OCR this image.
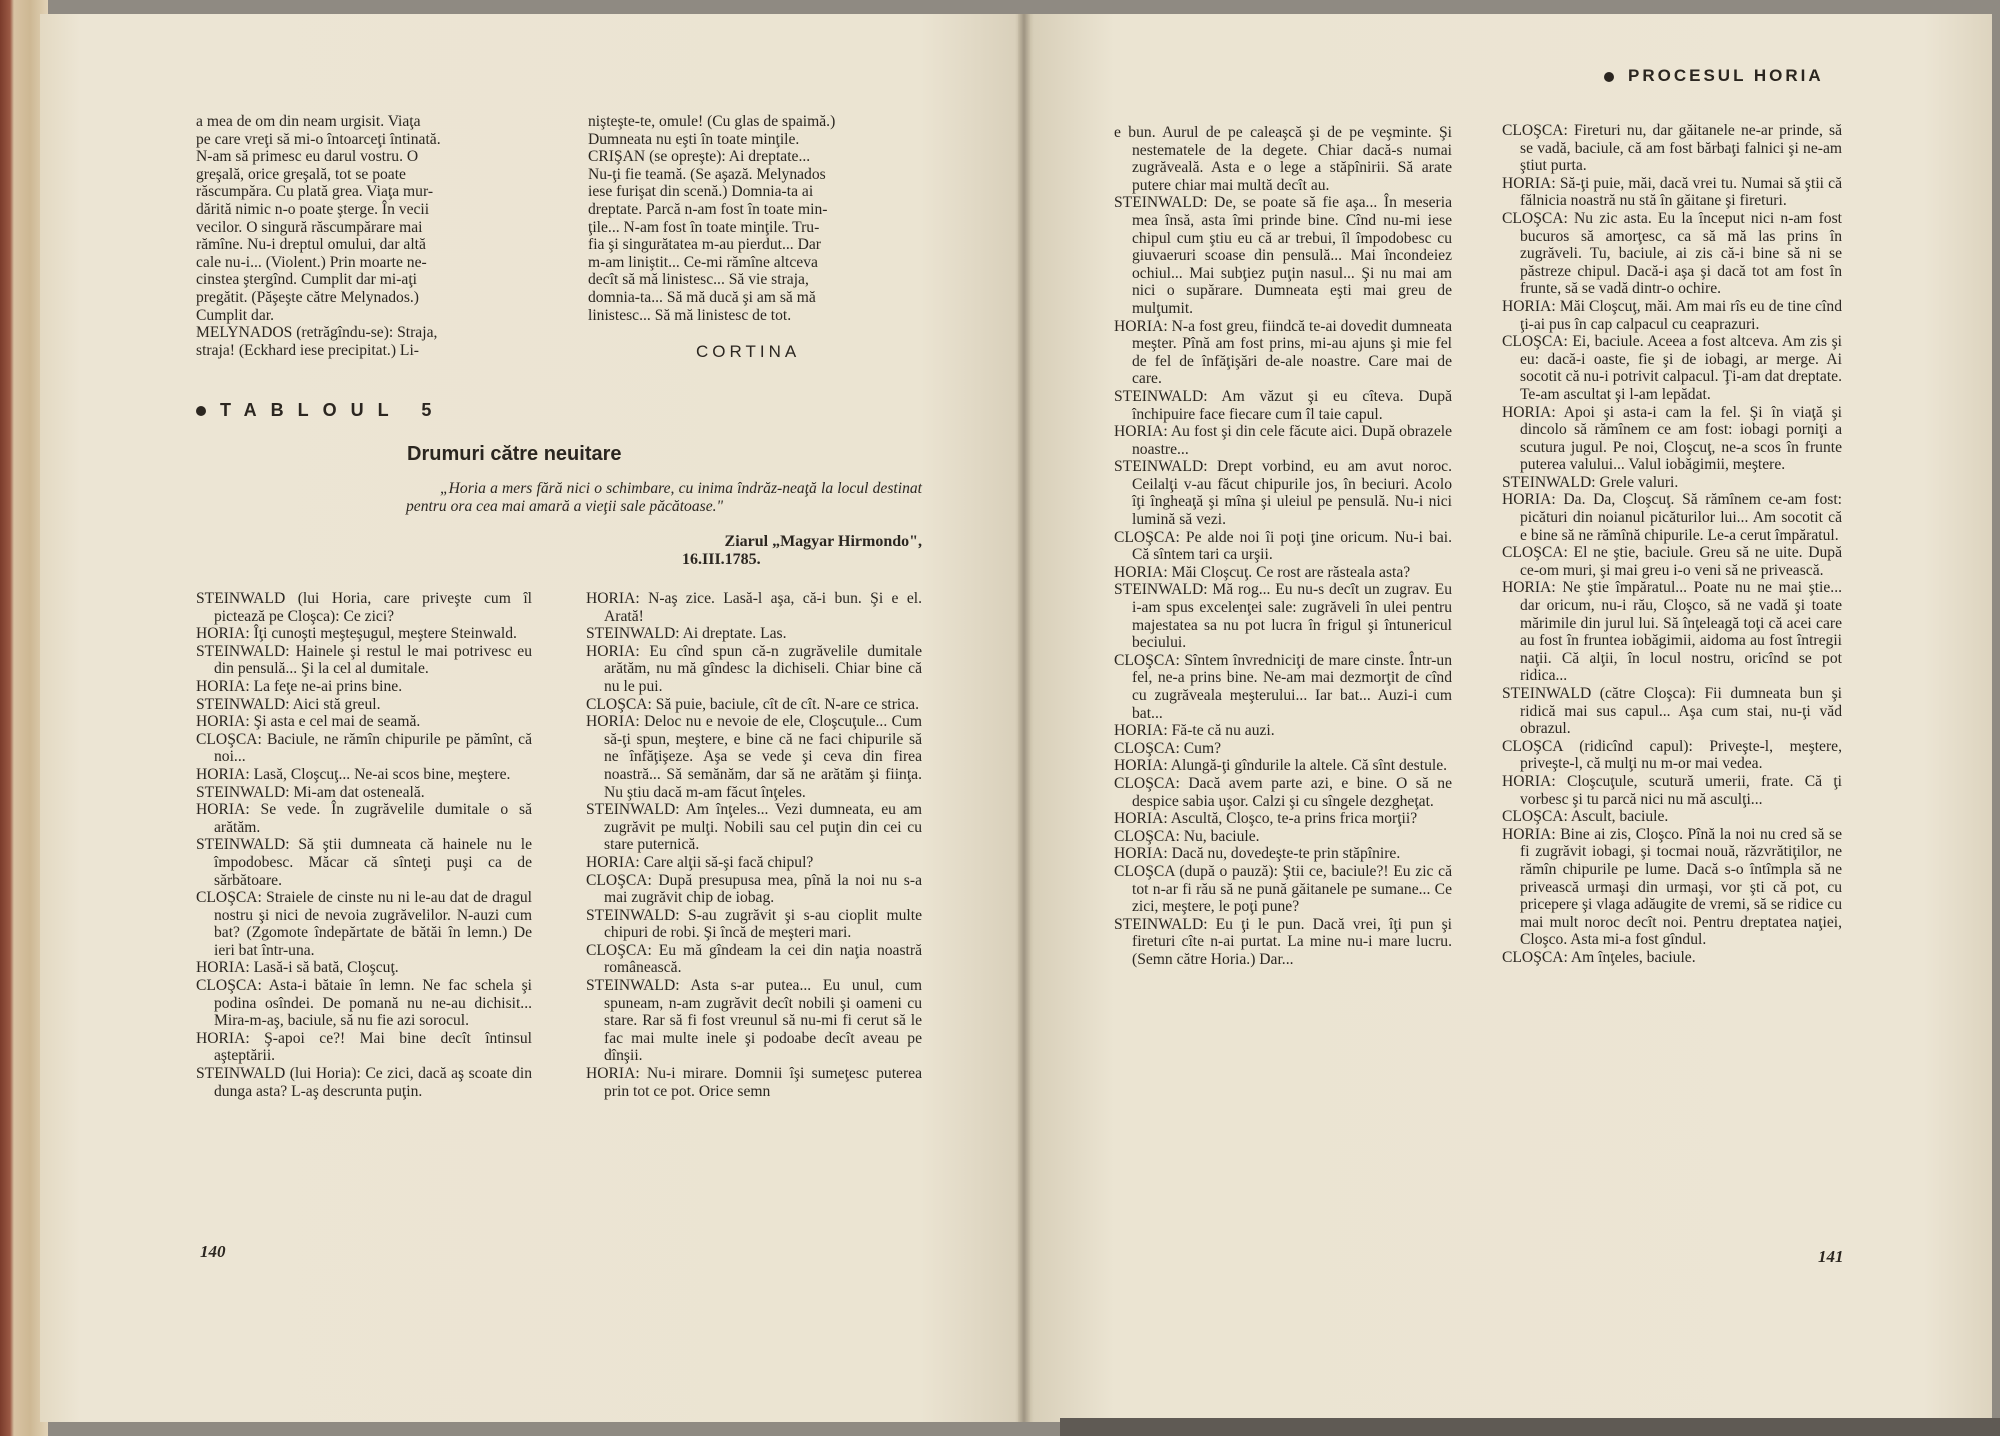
a mea de om din neam urgisit. Viaţa

pe care vreţi să mi-o întoarceţi întinată.

N-am să primesc eu darul vostru. O

greşală, orice greşală, tot se poate

răscumpăra. Cu plată grea. Viaţa mur-

dărită nimic n-o poate şterge. În vecii

vecilor. O singură răscumpărare mai

rămîne. Nu-i dreptul omului, dar altă

cale nu-i... (Violent.) Prin moarte ne-

cinstea ştergînd. Cumplit dar mi-aţi

pregătit. (Păşeşte către Melynados.)

Cumplit dar.

MELYNADOS (retrăgîndu-se): Straja,

straja! (Eckhard iese precipitat.) Li-

nişteşte-te, omule! (Cu glas de spaimă.)

Dumneata nu eşti în toate minţile.

CRIŞAN (se opreşte): Ai dreptate...

Nu-ţi fie teamă. (Se aşază. Melynados

iese furişat din scenă.) Domnia-ta ai

dreptate. Parcă n-am fost în toate min-

ţile... N-am fost în toate minţile. Tru-

fia şi singurătatea m-au pierdut... Dar

m-am liniştit... Ce-mi rămîne altceva

decît să mă linistesc... Să vie straja,

domnia-ta... Să mă ducă şi am să mă

linistesc... Să mă linistesc de tot.

CORTINA
TABLOUL 5
Drumuri către neuitare
„Horia a mers fără nici o schimbare, cu inima îndrăz-neaţă la locul destinat pentru ora cea mai amară a vieţii sale păcătoase."
Ziarul „Magyar Hirmondo",
16.III.1785.

STEINWALD (lui Horia, care priveşte cum îl pictează pe Cloşca): Ce zici?

HORIA: Îţi cunoşti meşteşugul, meştere Steinwald.

STEINWALD: Hainele şi restul le mai potrivesc eu din pensulă... Şi la cel al dumitale.

HORIA: La feţe ne-ai prins bine.

STEINWALD: Aici stă greul.

HORIA: Şi asta e cel mai de seamă.

CLOŞCA: Baciule, ne rămîn chipurile pe pămînt, că noi...

HORIA: Lasă, Cloşcuţ... Ne-ai scos bine, meştere.

STEINWALD: Mi-am dat osteneală.

HORIA: Se vede. În zugrăvelile dumitale o să arătăm.

STEINWALD: Să ştii dumneata că hainele nu le împodobesc. Măcar că sînteţi puşi ca de sărbătoare.

CLOŞCA: Straiele de cinste nu ni le-au dat de dragul nostru şi nici de nevoia zugrăvelilor. N-auzi cum bat? (Zgomote îndepărtate de bătăi în lemn.) De ieri bat într-una.

HORIA: Lasă-i să bată, Cloşcuţ.

CLOŞCA: Asta-i bătaie în lemn. Ne fac schela şi podina osîndei. De pomană nu ne-au dichisit... Mira-m-aş, baciule, să nu fie azi sorocul.

HORIA: Ş-apoi ce?! Mai bine decît întinsul aşteptării.

STEINWALD (lui Horia): Ce zici, dacă aş scoate din dunga asta? L-aş descrunta puţin.

HORIA: N-aş zice. Lasă-l aşa, că-i bun. Şi e el. Arată!

STEINWALD: Ai dreptate. Las.

HORIA: Eu cînd spun că-n zugrăvelile dumitale arătăm, nu mă gîndesc la dichiseli. Chiar bine că nu le pui.

CLOŞCA: Să puie, baciule, cît de cît. N-are ce strica.

HORIA: Deloc nu e nevoie de ele, Cloşcuţule... Cum să-ţi spun, meştere, e bine că ne faci chipurile să ne înfăţişeze. Aşa se vede şi ceva din firea noastră... Să semănăm, dar să ne arătăm şi fiinţa. Nu ştiu dacă m-am făcut înţeles.

STEINWALD: Am înţeles... Vezi dumneata, eu am zugrăvit pe mulţi. Nobili sau cel puţin din cei cu stare puternică.

HORIA: Care alţii să-şi facă chipul?

CLOŞCA: După presupusa mea, pînă la noi nu s-a mai zugrăvit chip de iobag.

STEINWALD: S-au zugrăvit şi s-au cioplit multe chipuri de robi. Şi încă de meşteri mari.

CLOŞCA: Eu mă gîndeam la cei din naţia noastră românească.

STEINWALD: Asta s-ar putea... Eu unul, cum spuneam, n-am zugrăvit decît nobili şi oameni cu stare. Rar să fi fost vreunul să nu-mi fi cerut să le fac mai multe inele şi podoabe decît aveau pe dînşii.

HORIA: Nu-i mirare. Domnii îşi sumeţesc puterea prin tot ce pot. Orice semn

140
PROCESUL HORIA

e bun. Aurul de pe caleaşcă şi de pe veşminte. Şi nestematele de la degete. Chiar dacă-s numai zugrăveală. Asta e o lege a stăpînirii. Să arate putere chiar mai multă decît au.

STEINWALD: De, se poate să fie aşa... În meseria mea însă, asta îmi prinde bine. Cînd nu-mi iese chipul cum ştiu eu că ar trebui, îl împodobesc cu giuvaeruri scoase din pensulă... Mai încondeiez ochiul... Mai subţiez puţin nasul... Şi nu mai am nici o supărare. Dumneata eşti mai greu de mulţumit.

HORIA: N-a fost greu, fiindcă te-ai dovedit dumneata meşter. Pînă am fost prins, mi-au ajuns şi mie fel de fel de înfăţişări de-ale noastre. Care mai de care.

STEINWALD: Am văzut şi eu cîteva. După închipuire face fiecare cum îl taie capul.

HORIA: Au fost şi din cele făcute aici. După obrazele noastre...

STEINWALD: Drept vorbind, eu am avut noroc. Ceilalţi v-au făcut chipurile jos, în beciuri. Acolo îţi îngheaţă şi mîna şi uleiul pe pensulă. Nu-i nici lumină să vezi.

CLOŞCA: Pe alde noi îi poţi ţine oricum. Nu-i bai. Că sîntem tari ca urşii.

HORIA: Măi Cloşcuţ. Ce rost are răsteala asta?

STEINWALD: Mă rog... Eu nu-s decît un zugrav. Eu i-am spus excelenţei sale: zugrăveli în ulei pentru majestatea sa nu pot lucra în frigul şi întunericul beciului.

CLOŞCA: Sîntem învredniciţi de mare cinste. Într-un fel, ne-a prins bine. Ne-am mai dezmorţit de cînd cu zugrăveala meşterului... Iar bat... Auzi-i cum bat...

HORIA: Fă-te că nu auzi.

CLOŞCA: Cum?

HORIA: Alungă-ţi gîndurile la altele. Că sînt destule.

CLOŞCA: Dacă avem parte azi, e bine. O să ne despice sabia uşor. Calzi şi cu sîngele dezgheţat.

HORIA: Ascultă, Cloşco, te-a prins frica morţii?

CLOŞCA: Nu, baciule.

HORIA: Dacă nu, dovedeşte-te prin stăpînire.

CLOŞCA (după o pauză): Ştii ce, baciule?! Eu zic că tot n-ar fi rău să ne pună găitanele pe sumane... Ce zici, meştere, le poţi pune?

STEINWALD: Eu ţi le pun. Dacă vrei, îţi pun şi fireturi cîte n-ai purtat. La mine nu-i mare lucru. (Semn către Horia.) Dar...

CLOŞCA: Fireturi nu, dar găitanele ne-ar prinde, să se vadă, baciule, că am fost bărbaţi falnici şi ne-am ştiut purta.

HORIA: Să-ţi puie, măi, dacă vrei tu. Numai să ştii că fălnicia noastră nu stă în găitane şi fireturi.

CLOŞCA: Nu zic asta. Eu la început nici n-am fost bucuros să amorţesc, ca să mă las prins în zugrăveli. Tu, baciule, ai zis că-i bine să ni se păstreze chipul. Dacă-i aşa şi dacă tot am fost în frunte, să se vadă dintr-o ochire.

HORIA: Măi Cloşcuţ, măi. Am mai rîs eu de tine cînd ţi-ai pus în cap calpacul cu ceaprazuri.

CLOŞCA: Ei, baciule. Aceea a fost altceva. Am zis şi eu: dacă-i oaste, fie şi de iobagi, ar merge. Ai socotit că nu-i potrivit calpacul. Ţi-am dat dreptate. Te-am ascultat şi l-am lepădat.

HORIA: Apoi şi asta-i cam la fel. Şi în viaţă şi dincolo să rămînem ce am fost: iobagi porniţi a scutura jugul. Pe noi, Cloşcuţ, ne-a scos în frunte puterea valului... Valul iobăgimii, meştere.

STEINWALD: Grele valuri.

HORIA: Da. Da, Cloşcuţ. Să rămînem ce-am fost: picături din noianul picăturilor lui... Am socotit că e bine să ne rămînă chipurile. Le-a cerut împăratul.

CLOŞCA: El ne ştie, baciule. Greu să ne uite. După ce-om muri, şi mai greu i-o veni să ne privească.

HORIA: Ne ştie împăratul... Poate nu ne mai ştie... dar oricum, nu-i rău, Cloşco, să ne vadă şi toate mărimile din jurul lui. Să înţeleagă toţi că acei care au fost în fruntea iobăgimii, aidoma au fost întregii naţii. Că alţii, în locul nostru, oricînd se pot ridica...

STEINWALD (către Cloşca): Fii dumneata bun şi ridică mai sus capul... Aşa cum stai, nu-ţi văd obrazul.

CLOŞCA (ridicînd capul): Priveşte-l, meştere, priveşte-l, că mulţi nu m-or mai vedea.

HORIA: Cloşcuţule, scutură umerii, frate. Că ţi vorbesc şi tu parcă nici nu mă asculţi...

CLOŞCA: Ascult, baciule.

HORIA: Bine ai zis, Cloşco. Pînă la noi nu cred să se fi zugrăvit iobagi, şi tocmai nouă, răzvrătiţilor, ne rămîn chipurile pe lume. Dacă s-o întîmpla să ne privească urmaşi din urmaşi, vor şti că pot, cu pricepere şi vlaga adăugite de vremi, să se ridice cu mai mult noroc decît noi. Pentru dreptatea naţiei, Cloşco. Asta mi-a fost gîndul.

CLOŞCA: Am înţeles, baciule.

141
